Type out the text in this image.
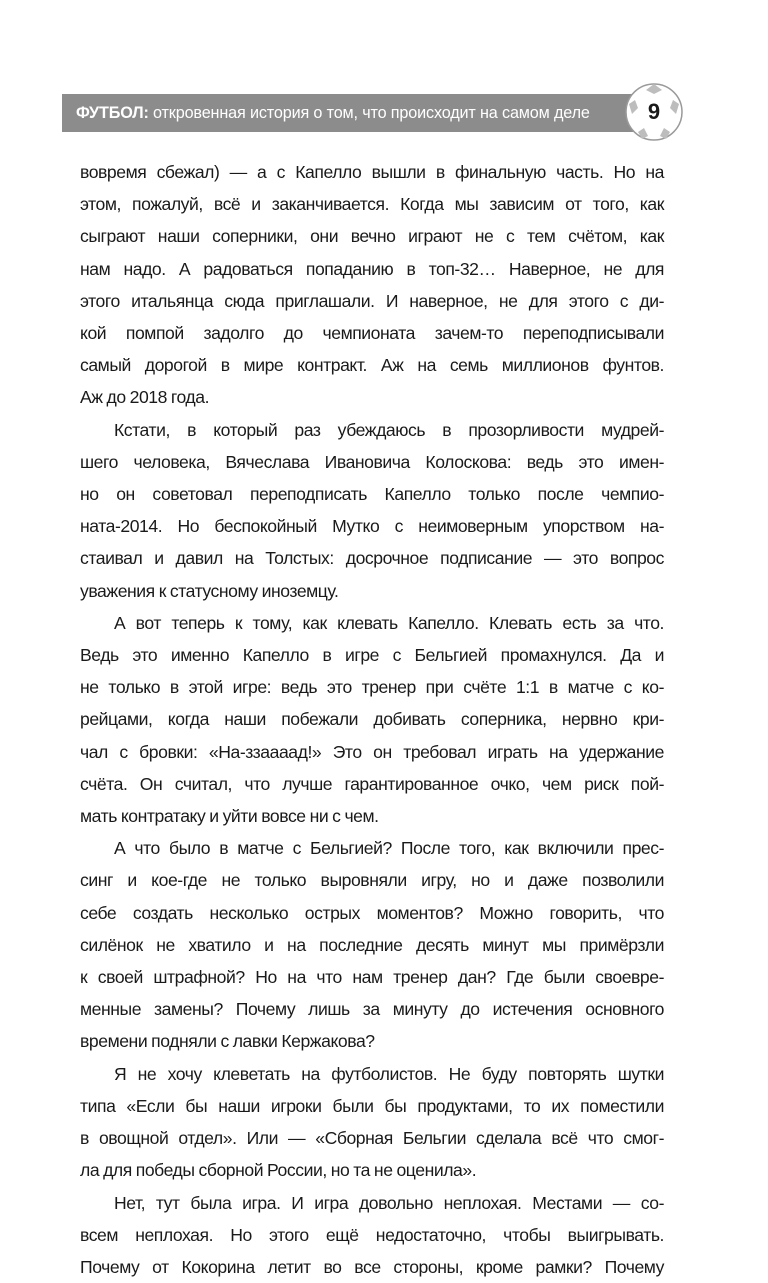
ФУТБОЛ: откровенная история о том, что происходит на самом деле	9
вовремя сбежал) — а с Капелло вышли в финальную часть. Но на
этом, пожалуй, всё и заканчивается. Когда мы зависим от того, как
сыграют наши соперники, они вечно играют не с тем счётом, как
нам надо. А радоваться попаданию в топ-32… Наверное, не для
этого итальянца сюда приглашали. И наверное, не для этого с ди-
кой помпой задолго до чемпионата зачем-то переподписывали
самый дорогой в мире контракт. Аж на семь миллионов фунтов.
Аж до 2018 года.
Кстати, в который раз убеждаюсь в прозорливости мудрей-
шего человека, Вячеслава Ивановича Колоскова: ведь это имен-
но он советовал переподписать Капелло только после чемпио-
ната-2014. Но беспокойный Мутко с неимоверным упорством на-
стаивал и давил на Толстых: досрочное подписание — это вопрос
уважения к статусному иноземцу.
А вот теперь к тому, как клевать Капелло. Клевать есть за что.
Ведь это именно Капелло в игре с Бельгией промахнулся. Да и
не только в этой игре: ведь это тренер при счёте 1:1 в матче с ко-
рейцами, когда наши побежали добивать соперника, нервно кри-
чал с бровки: «На-ззааaaд!» Это он требовал играть на удержание
счёта. Он считал, что лучше гарантированное очко, чем риск пой-
мать контратаку и уйти вовсе ни с чем.
А что было в матче с Бельгией? После того, как включили прес-
синг и кое-где не только выровняли игру, но и даже позволили
себе создать несколько острых моментов? Можно говорить, что
силёнок не хватило и на последние десять минут мы примёрзли
к своей штрафной? Но на что нам тренер дан? Где были своевре-
менные замены? Почему лишь за минуту до истечения основного
времени подняли с лавки Кержакова?
Я не хочу клеветать на футболистов. Не буду повторять шутки
типа «Если бы наши игроки были бы продуктами, то их поместили
в овощной отдел». Или — «Сборная Бельгии сделала всё что смог-
ла для победы сборной России, но та не оценила».
Нет, тут была игра. И игра довольно неплохая. Местами — со-
всем неплохая. Но этого ещё недостаточно, чтобы выигрывать.
Почему от Кокорина летит во все стороны, кроме рамки? Почему
